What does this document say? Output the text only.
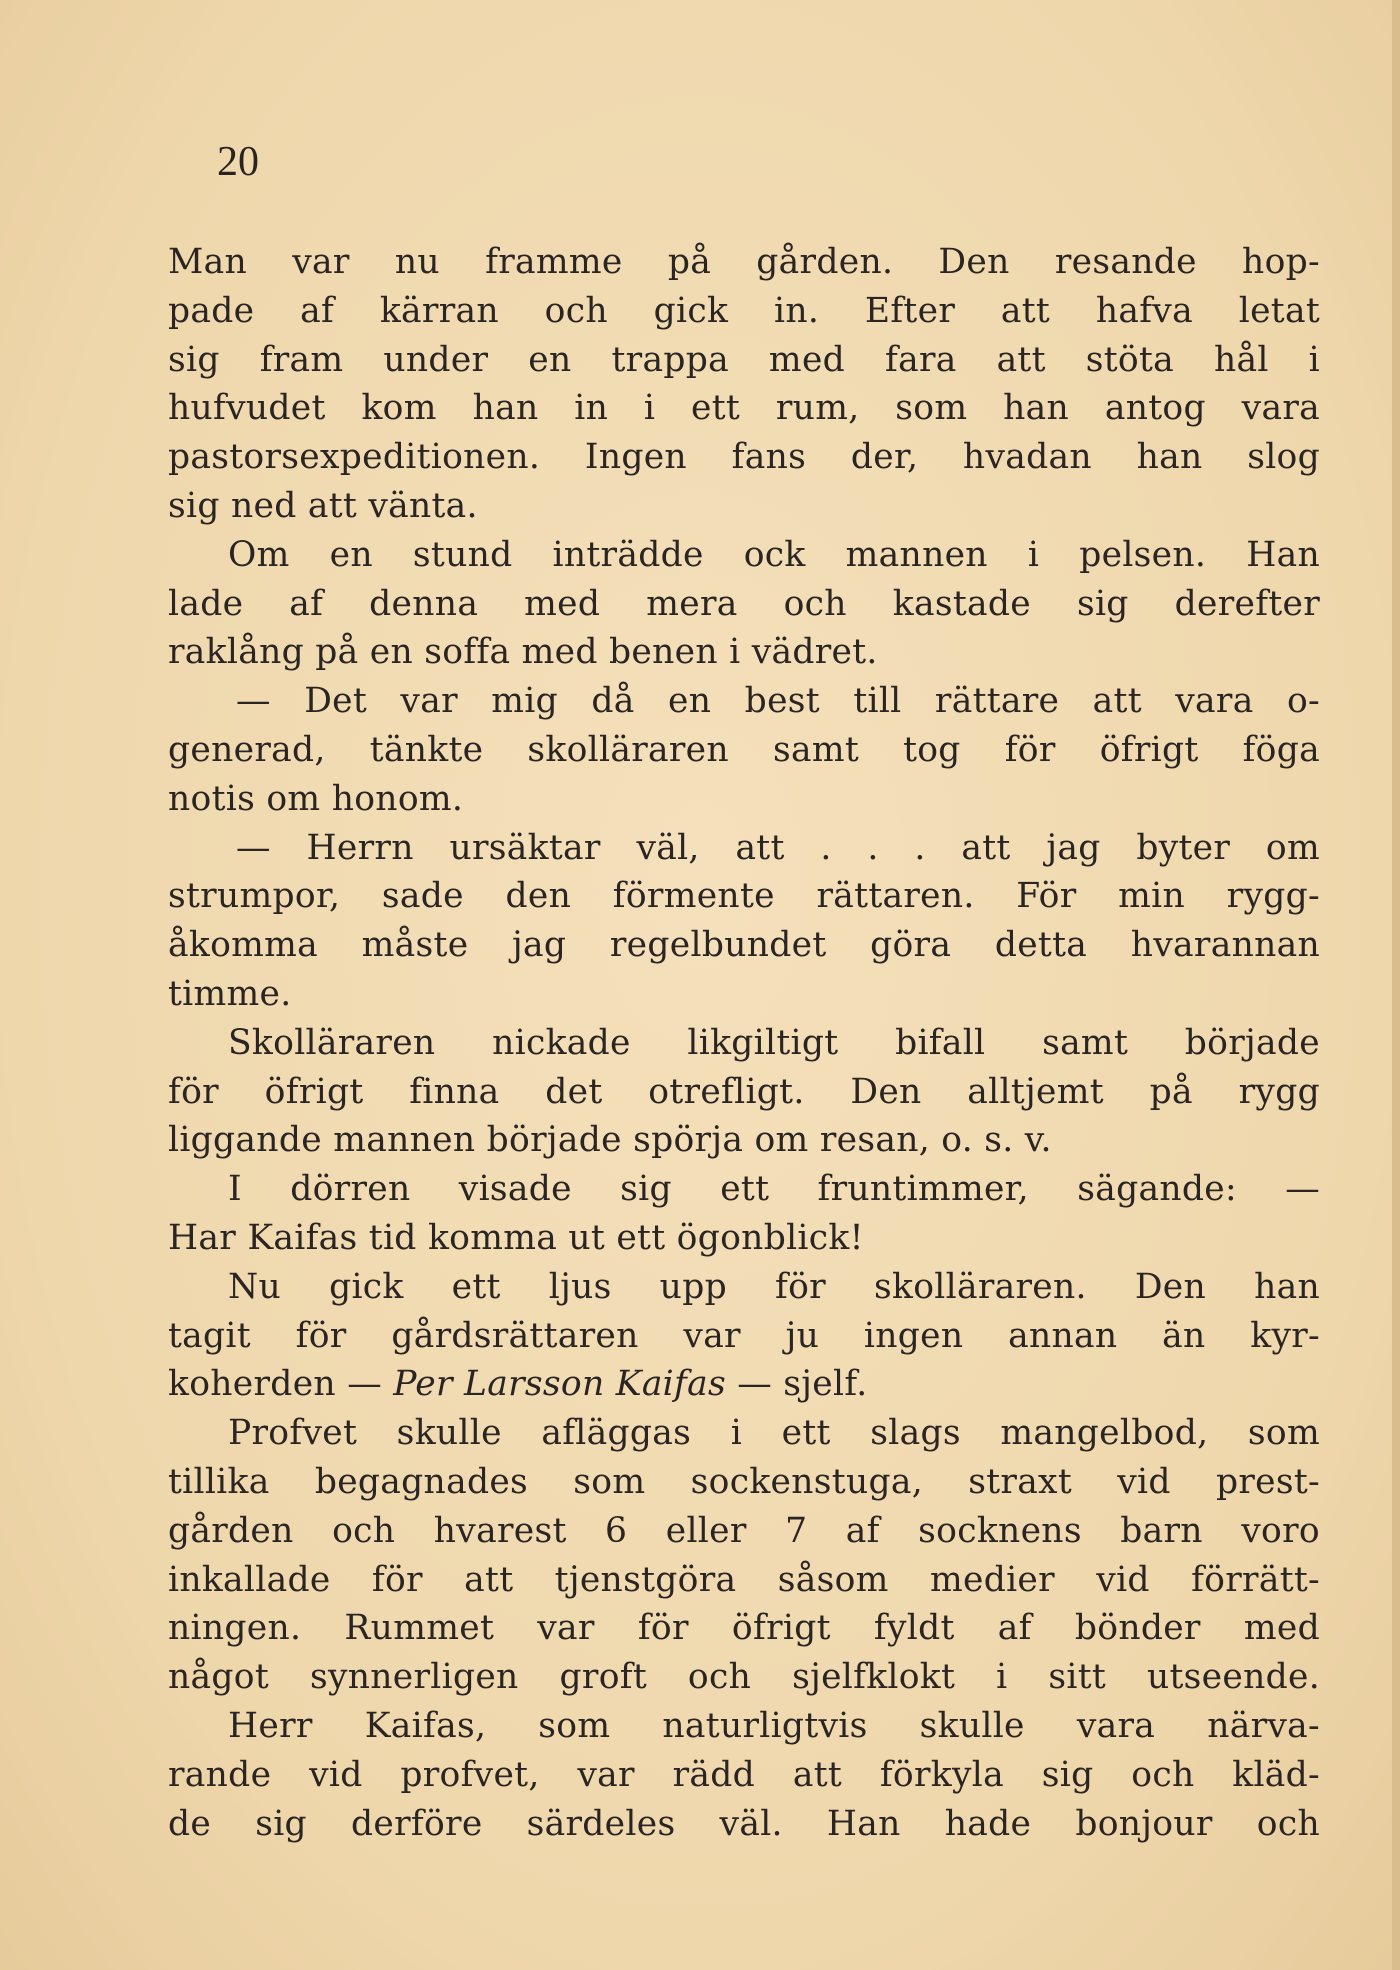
20
Man var nu framme på gården. Den resande hop-
pade af kärran och gick in. Efter att hafva letat
sig fram under en trappa med fara att stöta hål i
hufvudet kom han in i ett rum, som han antog vara
pastorsexpeditionen. Ingen fans der, hvadan han slog
sig ned att vänta.
Om en stund inträdde ock mannen i pelsen. Han
lade af denna med mera och kastade sig derefter
raklång på en soffa med benen i vädret.
— Det var mig då en best till rättare att vara o-
generad, tänkte skolläraren samt tog för öfrigt föga
notis om honom.
— Herrn ursäktar väl, att . . . att jag byter om
strumpor, sade den förmente rättaren. För min rygg-
åkomma måste jag regelbundet göra detta hvarannan
timme.
Skolläraren nickade likgiltigt bifall samt började
för öfrigt finna det otrefligt. Den alltjemt på rygg
liggande mannen började spörja om resan, o. s. v.
I dörren visade sig ett fruntimmer, sägande: —
Har Kaifas tid komma ut ett ögonblick!
Nu gick ett ljus upp för skolläraren. Den han
tagit för gårdsrättaren var ju ingen annan än kyr-
koherden — Per Larsson Kaifas — sjelf.
Profvet skulle afläggas i ett slags mangelbod, som
tillika begagnades som sockenstuga, straxt vid prest-
gården och hvarest 6 eller 7 af socknens barn voro
inkallade för att tjenstgöra såsom medier vid förrätt-
ningen. Rummet var för öfrigt fyldt af bönder med
något synnerligen groft och sjelfklokt i sitt utseende.
Herr Kaifas, som naturligtvis skulle vara närva-
rande vid profvet, var rädd att förkyla sig och kläd-
de sig derföre särdeles väl. Han hade bonjour och
